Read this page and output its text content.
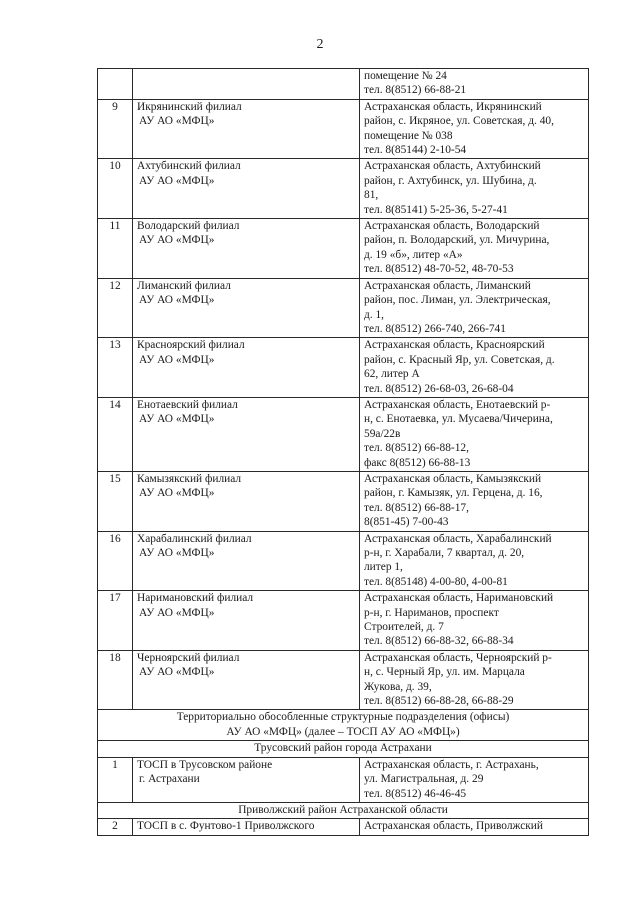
2

		помещение № 24
тел. 8(8512) 66-88-21

9	Икрянинский филиал
АУ АО «МФЦ»	Астраханская область, Икрянинский
район, с. Икряное, ул. Советская, д. 40,
помещение № 038
тел. 8(85144) 2-10-54

10	Ахтубинский филиал
АУ АО «МФЦ»	Астраханская область, Ахтубинский
район, г. Ахтубинск, ул. Шубина, д.
81,
тел. 8(85141) 5-25-36, 5-27-41

11	Володарский филиал
АУ АО «МФЦ»	Астраханская область, Володарский
район, п. Володарский, ул. Мичурина,
д. 19 «б», литер «А»
тел. 8(8512) 48-70-52, 48-70-53

12	Лиманский филиал
АУ АО «МФЦ»	Астраханская область, Лиманский
район, пос. Лиман, ул. Электрическая,
д. 1,
тел. 8(8512) 266-740, 266-741

13	Красноярский филиал
АУ АО «МФЦ»	Астраханская область, Красноярский
район, с. Красный Яр, ул. Советская, д.
62, литер А
тел. 8(8512) 26-68-03, 26-68-04

14	Енотаевский филиал
АУ АО «МФЦ»	Астраханская область, Енотаевский р-
н, с. Енотаевка, ул. Мусаева/Чичерина,
59а/22в
тел. 8(8512) 66-88-12,
факс 8(8512) 66-88-13

15	Камызякский филиал
АУ АО «МФЦ»	Астраханская область, Камызякский
район, г. Камызяк, ул. Герцена, д. 16,
тел. 8(8512) 66-88-17,
8(851-45) 7-00-43

16	Харабалинский филиал
АУ АО «МФЦ»	Астраханская область, Харабалинский
р-н, г. Харабали, 7 квартал, д. 20,
литер 1,
тел. 8(85148) 4-00-80, 4-00-81

17	Наримановский филиал
АУ АО «МФЦ»	Астраханская область, Наримановский
р-н, г. Нариманов, проспект
Строителей, д. 7
тел. 8(8512) 66-88-32, 66-88-34

18	Черноярский филиал
АУ АО «МФЦ»	Астраханская область, Черноярский р-
н, с. Черный Яр, ул. им. Марцала
Жукова, д. 39,
тел. 8(8512) 66-88-28, 66-88-29

Территориально обособленные структурные подразделения (офисы)
АУ АО «МФЦ» (далее – ТОСП АУ АО «МФЦ»)		

Трусовский район города Астрахани		

1	ТОСП в Трусовском районе
г. Астрахани	Астраханская область, г. Астрахань,
ул. Магистральная, д. 29
тел. 8(8512) 46-46-45

Приволжский район Астраханской области		

2	ТОСП в с. Фунтово-1 Приволжского	Астраханская область, Приволжский
